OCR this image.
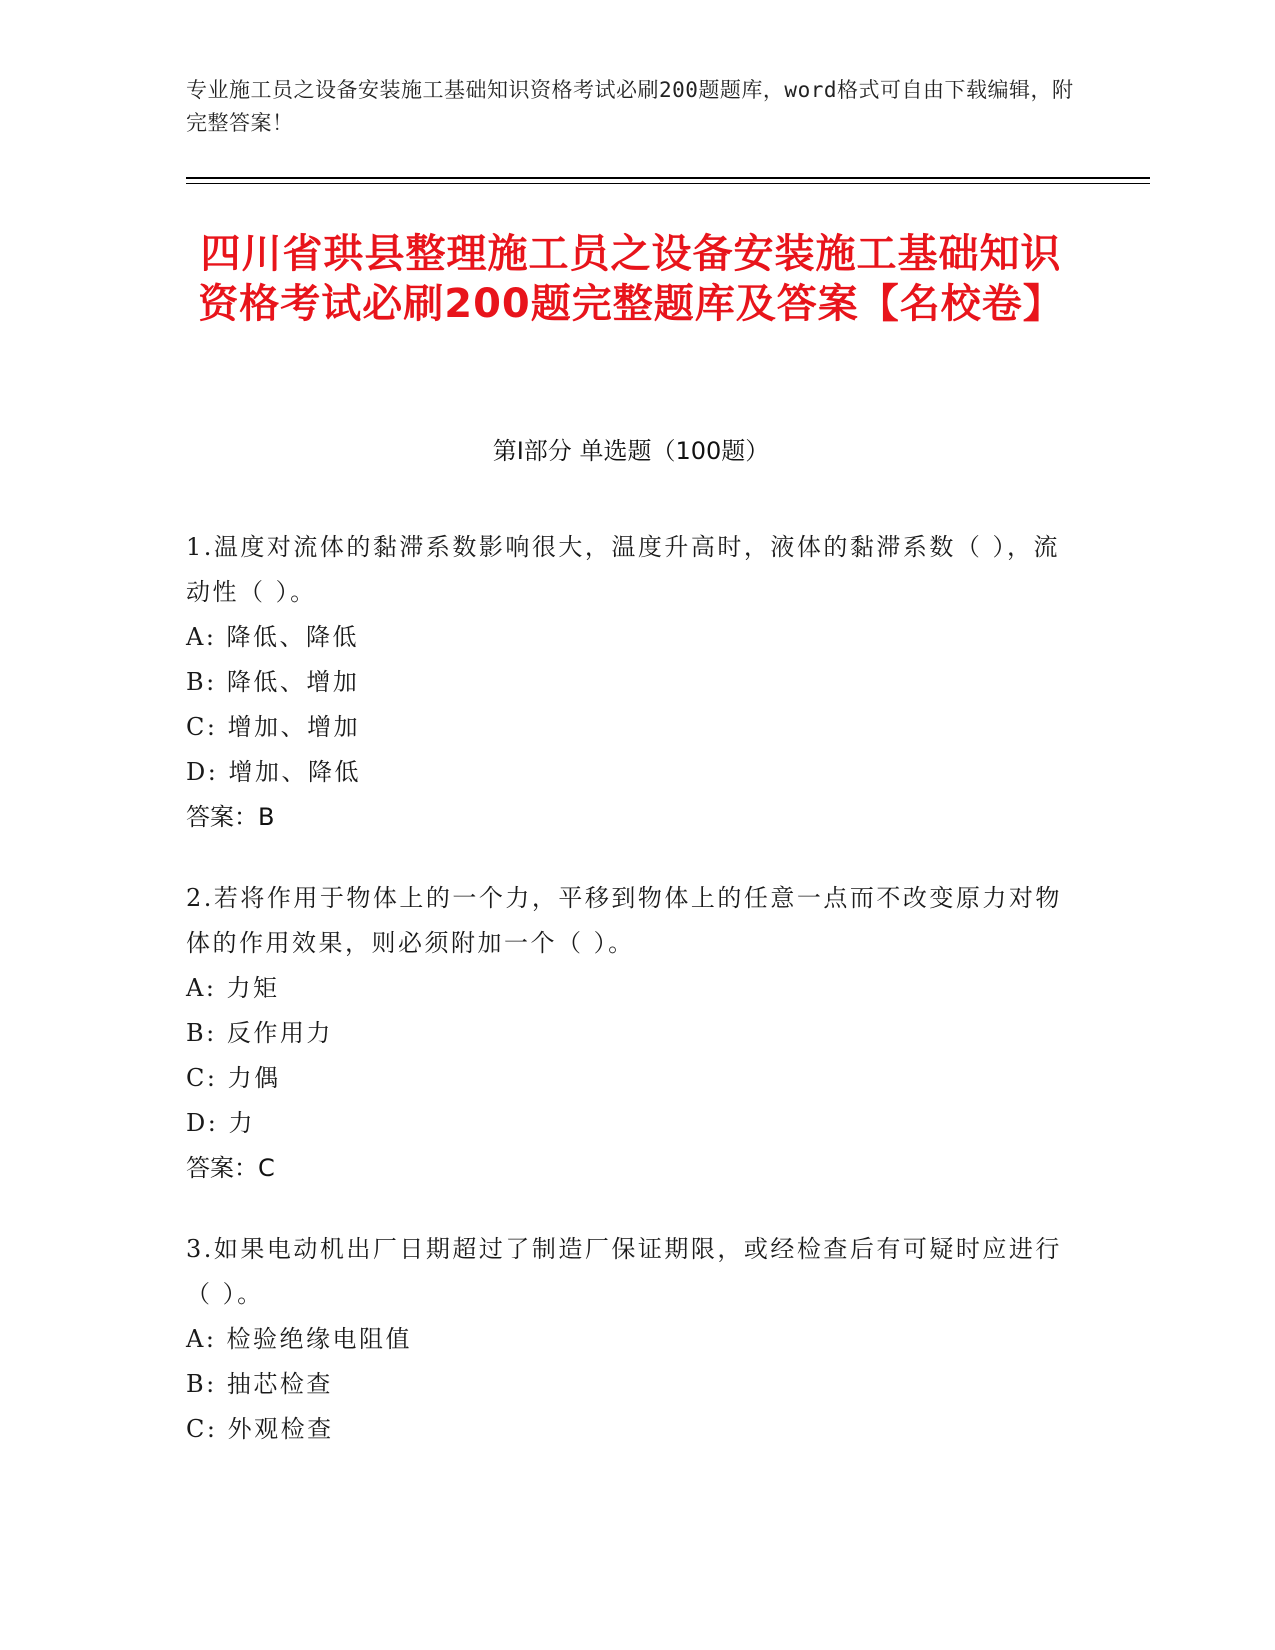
专业施工员之设备安装施工基础知识资格考试必刷200题题库，word格式可自由下载编辑，附完整答案！
四川省珙县整理施工员之设备安装施工基础知识资格考试必刷200题完整题库及答案【名校卷】
第I部分 单选题（100题）
1.温度对流体的黏滞系数影响很大，温度升高时，液体的黏滞系数（ ），流动性（ ）。
A: 降低、降低
B: 降低、增加
C: 增加、增加
D: 增加、降低
答案：B
2.若将作用于物体上的一个力，平移到物体上的任意一点而不改变原力对物体的作用效果，则必须附加一个（ ）。
A: 力矩
B: 反作用力
C: 力偶
D: 力
答案：C
3.如果电动机出厂日期超过了制造厂保证期限，或经检查后有可疑时应进行（ ）。
A: 检验绝缘电阻值
B: 抽芯检查
C: 外观检查
